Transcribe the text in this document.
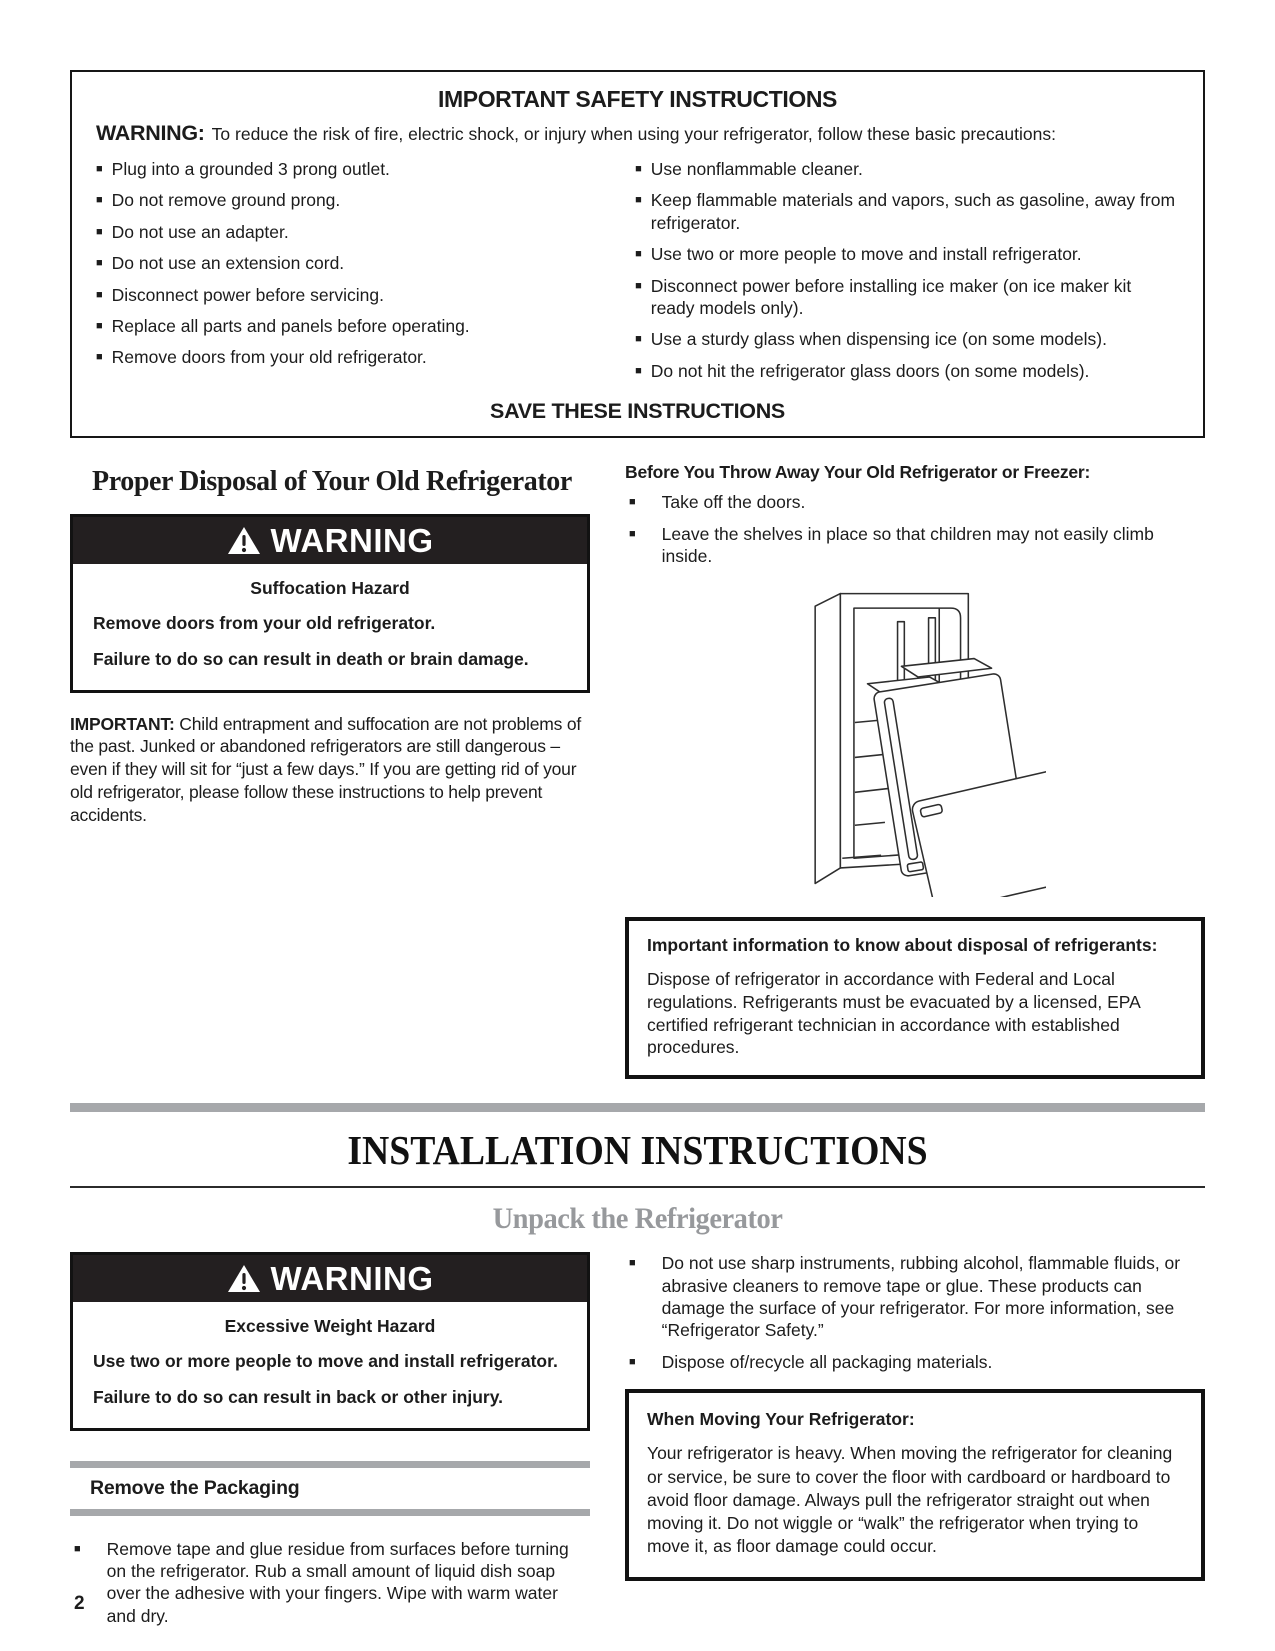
IMPORTANT SAFETY INSTRUCTIONS
WARNING: To reduce the risk of fire, electric shock, or injury when using your refrigerator, follow these basic precautions:
■ Plug into a grounded 3 prong outlet.
■ Do not remove ground prong.
■ Do not use an adapter.
■ Do not use an extension cord.
■ Disconnect power before servicing.
■ Replace all parts and panels before operating.
■ Remove doors from your old refrigerator.
■ Use nonflammable cleaner.
■ Keep flammable materials and vapors, such as gasoline, away from refrigerator.
■ Use two or more people to move and install refrigerator.
■ Disconnect power before installing ice maker (on ice maker kit ready models only).
■ Use a sturdy glass when dispensing ice (on some models).
■ Do not hit the refrigerator glass doors (on some models).
SAVE THESE INSTRUCTIONS
Proper Disposal of Your Old Refrigerator
WARNING
Suffocation Hazard
Remove doors from your old refrigerator.
Failure to do so can result in death or brain damage.

IMPORTANT: Child entrapment and suffocation are not problems of the past. Junked or abandoned refrigerators are still dangerous – even if they will sit for “just a few days.” If you are getting rid of your old refrigerator, please follow these instructions to help prevent accidents.

Before You Throw Away Your Old Refrigerator or Freezer:
■ Take off the doors.
■ Leave the shelves in place so that children may not easily climb inside.
Important information to know about disposal of refrigerants:
Dispose of refrigerator in accordance with Federal and Local regulations. Refrigerants must be evacuated by a licensed, EPA certified refrigerant technician in accordance with established procedures.
INSTALLATION INSTRUCTIONS
Unpack the Refrigerator
WARNING
Excessive Weight Hazard
Use two or more people to move and install refrigerator.
Failure to do so can result in back or other injury.
Remove the Packaging
■ Remove tape and glue residue from surfaces before turning on the refrigerator. Rub a small amount of liquid dish soap over the adhesive with your fingers. Wipe with warm water and dry.
■ Do not use sharp instruments, rubbing alcohol, flammable fluids, or abrasive cleaners to remove tape or glue. These products can damage the surface of your refrigerator. For more information, see “Refrigerator Safety.”
■ Dispose of/recycle all packaging materials.
When Moving Your Refrigerator:
Your refrigerator is heavy. When moving the refrigerator for cleaning or service, be sure to cover the floor with cardboard or hardboard to avoid floor damage. Always pull the refrigerator straight out when moving it. Do not wiggle or “walk” the refrigerator when trying to move it, as floor damage could occur.
2
